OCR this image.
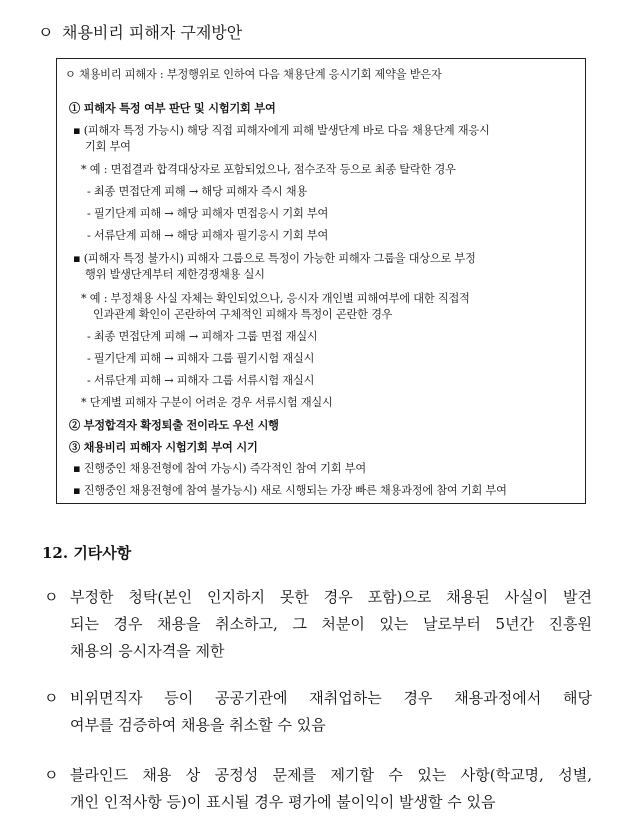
ㅇ 채용비리 피해자 구제방안
ㅇ 채용비리 피해자 : 부정행위로 인하여 다음 채용단계 응시기회 제약을 받은자
① 피해자 특정 여부 판단 및 시험기회 부여
▪ (피해자 특정 가능시) 해당 직접 피해자에게 피해 발생단계 바로 다음 채용단계 재응시
기회 부여
* 예 : 면접결과 합격대상자로 포함되었으나, 점수조작 등으로 최종 탈락한 경우
- 최종 면접단계 피해 → 해당 피해자 즉시 채용
- 필기단계 피해 → 해당 피해자 면접응시 기회 부여
- 서류단계 피해 → 해당 피해자 필기응시 기회 부여
▪ (피해자 특정 불가시) 피해자 그룹으로 특정이 가능한 피해자 그룹을 대상으로 부정
행위 발생단계부터 제한경쟁채용 실시
* 예 : 부정채용 사실 자체는 확인되었으나, 응시자 개인별 피해여부에 대한 직접적
인과관계 확인이 곤란하여 구체적인 피해자 특정이 곤란한 경우
- 최종 면접단계 피해 → 피해자 그룹 면접 재실시
- 필기단계 피해 → 피해자 그룹 필기시험 재실시
- 서류단계 피해 → 피해자 그룹 서류시험 재실시
* 단계별 피해자 구분이 어려운 경우 서류시험 재실시
② 부정합격자 확정퇴출 전이라도 우선 시행
③ 채용비리 피해자 시험기회 부여 시기
▪ 진행중인 채용전형에 참여 가능시) 즉각적인 참여 기회 부여
▪ 진행중인 채용전형에 참여 불가능시) 새로 시행되는 가장 빠른 채용과정에 참여 기회 부여
12. 기타사항
ㅇ 부정한 청탁(본인 인지하지 못한 경우 포함)으로 채용된 사실이 발견
되는 경우 채용을 취소하고, 그 처분이 있는 날로부터 5년간 진흥원
채용의 응시자격을 제한
ㅇ 비위면직자 등이 공공기관에 재취업하는 경우 채용과정에서 해당
여부를 검증하여 채용을 취소할 수 있음
ㅇ 블라인드 채용 상 공정성 문제를 제기할 수 있는 사항(학교명, 성별,
개인 인적사항 등)이 표시될 경우 평가에 불이익이 발생할 수 있음
